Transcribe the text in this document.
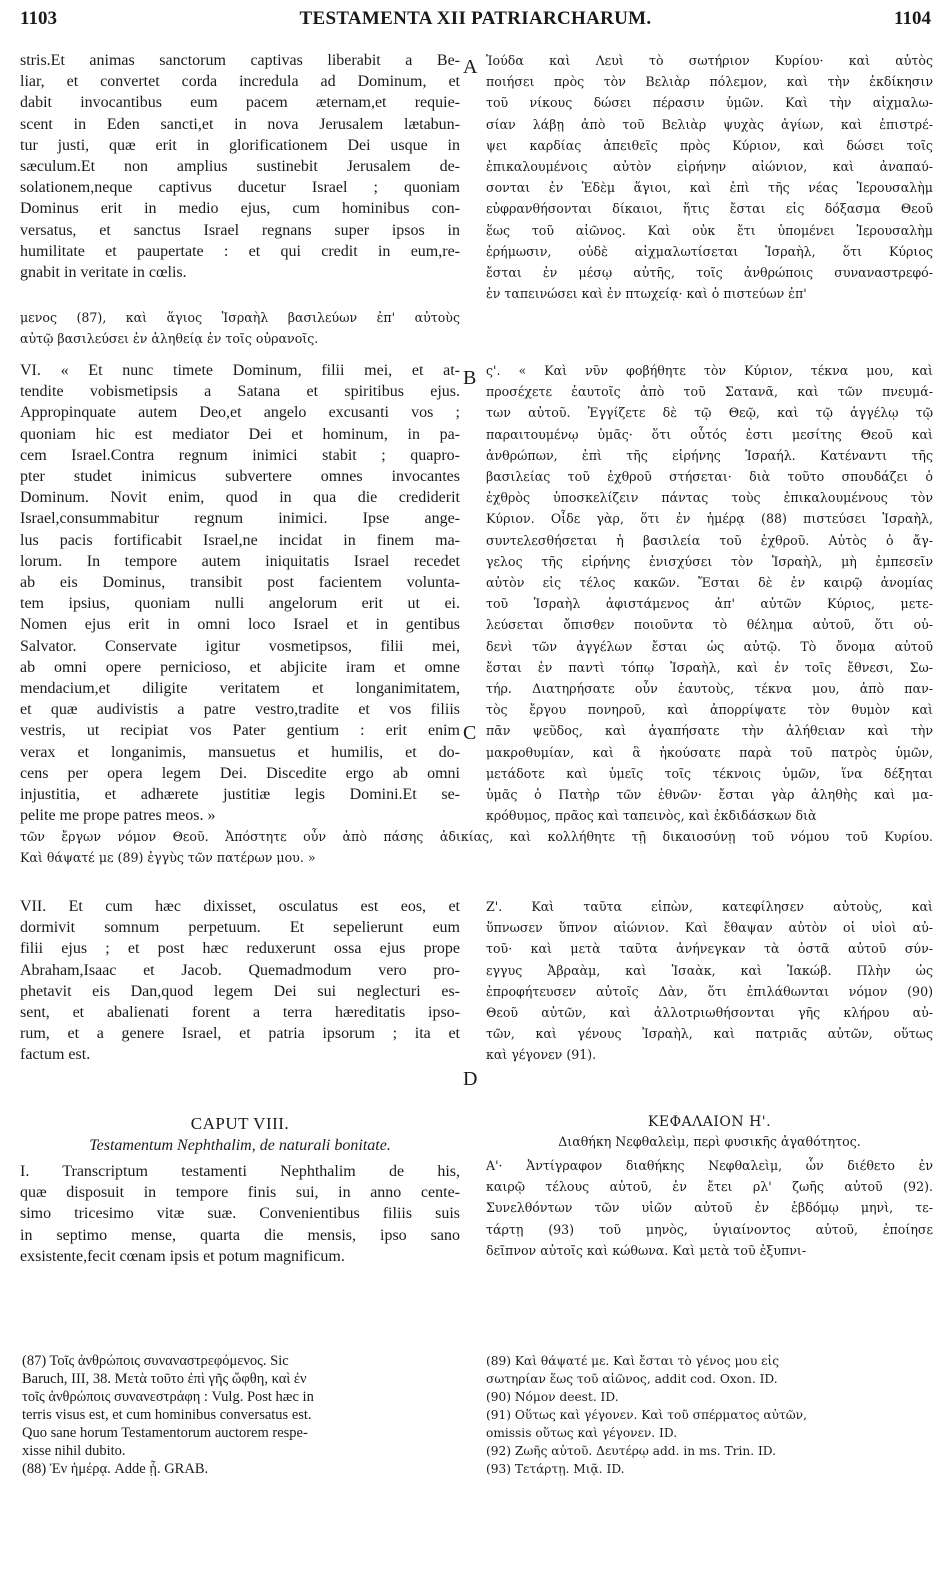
1103	TESTAMENTA XII PATRIARCHARUM.	1104
A
B
C
D
stris.Et animas sanctorum captivas liberabit a Be-
liar, et convertet corda incredula ad Dominum, et
dabit invocantibus eum pacem æternam,et requie-
scent in Eden sancti,et in nova Jerusalem lætabun-
tur justi, quæ erit in glorificationem Dei usque in
sæculum.Et non amplius sustinebit Jerusalem de-
solationem,neque captivus ducetur Israel ; quoniam
Dominus erit in medio ejus, cum hominibus con-
versatus, et sanctus Israel regnans super ipsos in
humilitate et paupertate : et qui credit in eum,re-
gnabit in veritate in cœlis.
μενος (87), καὶ ἅγιος Ἰσραὴλ βασιλεύων ἐπ' αὐτοὺς
αὐτῷ βασιλεύσει ἐν ἀληθείᾳ ἐν τοῖς οὐρανοῖς.
Ἰούδα καὶ Λευὶ τὸ σωτήριον Κυρίου· καὶ αὐτὸς
ποιήσει πρὸς τὸν Βελιὰρ πόλεμον, καὶ τὴν ἐκδίκησιν
τοῦ νίκους δώσει πέρασιν ὑμῶν. Καὶ τὴν αἰχμαλω-
σίαν λάβῃ ἀπὸ τοῦ Βελιὰρ ψυχὰς ἁγίων, καὶ ἐπιστρέ-
ψει καρδίας ἀπειθεῖς πρὸς Κύριον, καὶ δώσει τοῖς
ἐπικαλουμένοις αὐτὸν εἰρήνην αἰώνιον, καὶ ἀναπαύ-
σονται ἐν Ἐδὲμ ἅγιοι, καὶ ἐπὶ τῆς νέας Ἱερουσαλὴμ
εὐφρανθήσονται δίκαιοι, ἥτις ἔσται εἰς δόξασμα Θεοῦ
ἕως τοῦ αἰῶνος. Καὶ οὐκ ἔτι ὑπομένει Ἱερουσαλὴμ
ἐρήμωσιν, οὐδὲ αἰχμαλωτίσεται Ἰσραὴλ, ὅτι Κύριος
ἔσται ἐν μέσῳ αὐτῆς, τοῖς ἀνθρώποις συναναστρεφό-
ἐν ταπεινώσει καὶ ἐν πτωχείᾳ· καὶ ὁ πιστεύων ἐπ'
VI. « Et nunc timete Dominum, filii mei, et at-
tendite vobismetipsis a Satana et spiritibus ejus.
Appropinquate autem Deo,et angelo excusanti vos ;
quoniam hic est mediator Dei et hominum, in pa-
cem Israel.Contra regnum inimici stabit ; quapro-
pter studet inimicus subvertere omnes invocantes
Dominum. Novit enim, quod in qua die crediderit
Israel,consummabitur regnum inimici. Ipse ange-
lus pacis fortificabit Israel,ne incidat in finem ma-
lorum. In tempore autem iniquitatis Israel recedet
ab eis Dominus, transibit post facientem volunta-
tem ipsius, quoniam nulli angelorum erit ut ei.
Nomen ejus erit in omni loco Israel et in gentibus
Salvator. Conservate igitur vosmetipsos, filii mei,
ab omni opere pernicioso, et abjicite iram et omne
mendacium,et diligite veritatem et longanimitatem,
et quæ audivistis a patre vestro,tradite et vos filiis
vestris, ut recipiat vos Pater gentium : erit enim
verax et longanimis, mansuetus et humilis, et do-
cens per opera legem Dei. Discedite ergo ab omni
injustitia, et adhærete justitiæ legis Domini.Et se-
pelite me prope patres meos. »
ς'. « Καὶ νῦν φοβήθητε τὸν Κύριον, τέκνα μου, καὶ
προσέχετε ἑαυτοῖς ἀπὸ τοῦ Σατανᾶ, καὶ τῶν πνευμά-
των αὐτοῦ. Ἐγγίζετε δὲ τῷ Θεῷ, καὶ τῷ ἀγγέλῳ τῷ
παραιτουμένῳ ὑμᾶς· ὅτι οὗτός ἐστι μεσίτης Θεοῦ καὶ
ἀνθρώπων, ἐπὶ τῆς εἰρήνης Ἰσραήλ. Κατέναντι τῆς
βασιλείας τοῦ ἐχθροῦ στήσεται· διὰ τοῦτο σπουδάζει ὁ
ἐχθρὸς ὑποσκελίζειν πάντας τοὺς ἐπικαλουμένους τὸν
Κύριον. Οἶδε γὰρ, ὅτι ἐν ἡμέρᾳ (88) πιστεύσει Ἰσραὴλ,
συντελεσθήσεται ἡ βασιλεία τοῦ ἐχθροῦ. Αὐτὸς ὁ ἄγ-
γελος τῆς εἰρήνης ἐνισχύσει τὸν Ἰσραὴλ, μὴ ἐμπεσεῖν
αὐτὸν εἰς τέλος κακῶν. Ἔσται δὲ ἐν καιρῷ ἀνομίας
τοῦ Ἰσραὴλ ἀφιστάμενος ἀπ' αὐτῶν Κύριος, μετε-
λεύσεται ὄπισθεν ποιοῦντα τὸ θέλημα αὐτοῦ, ὅτι οὐ-
δενὶ τῶν ἀγγέλων ἔσται ὡς αὐτῷ. Τὸ ὄνομα αὐτοῦ
ἔσται ἐν παντὶ τόπῳ Ἰσραὴλ, καὶ ἐν τοῖς ἔθνεσι, Σω-
τήρ. Διατηρήσατε οὖν ἑαυτοὺς, τέκνα μου, ἀπὸ παν-
τὸς ἔργου πονηροῦ, καὶ ἀπορρίψατε τὸν θυμὸν καὶ
πᾶν ψεῦδος, καὶ ἀγαπήσατε τὴν ἀλήθειαν καὶ τὴν
μακροθυμίαν, καὶ ἃ ἠκούσατε παρὰ τοῦ πατρὸς ὑμῶν,
μετάδοτε καὶ ὑμεῖς τοῖς τέκνοις ὑμῶν, ἵνα δέξηται
ὑμᾶς ὁ Πατὴρ τῶν ἐθνῶν· ἔσται γὰρ ἀληθὴς καὶ μα-
κρόθυμος, πρᾶος καὶ ταπεινὸς, καὶ ἐκδιδάσκων διὰ
τῶν ἔργων νόμον Θεοῦ. Ἀπόστητε οὖν ἀπὸ πάσης ἀδικίας, καὶ κολλήθητε τῇ δικαιοσύνῃ τοῦ νόμου τοῦ Κυρίου.
Καὶ θάψατέ με (89) ἐγγὺς τῶν πατέρων μου. »
VII. Et cum hæc dixisset, osculatus est eos, et
dormivit somnum perpetuum. Et sepelierunt eum
filii ejus ; et post hæc reduxerunt ossa ejus prope
Abraham,Isaac et Jacob. Quemadmodum vero pro-
phetavit eis Dan,quod legem Dei sui neglecturi es-
sent, et abalienati forent a terra hæreditatis ipso-
rum, et a genere Israel, et patria ipsorum ; ita et
factum est.
Ζ'. Καὶ ταῦτα εἰπὼν, κατεφίλησεν αὐτοὺς, καὶ
ὕπνωσεν ὕπνον αἰώνιον. Καὶ ἔθαψαν αὐτὸν οἱ υἱοὶ αὐ-
τοῦ· καὶ μετὰ ταῦτα ἀνήνεγκαν τὰ ὀστᾶ αὐτοῦ σύν-
εγγυς Ἀβραὰμ, καὶ Ἰσαὰκ, καὶ Ἰακώβ. Πλὴν ὡς
ἐπροφήτευσεν αὐτοῖς Δὰν, ὅτι ἐπιλάθωνται νόμον (90)
Θεοῦ αὐτῶν, καὶ ἀλλοτριωθήσονται γῆς κλήρου αὐ-
τῶν, καὶ γένους Ἰσραὴλ, καὶ πατριᾶς αὐτῶν, οὕτως
καὶ γέγονεν (91).
CAPUT VIII.
Testamentum Nephthalim, de naturali bonitate.
I. Transcriptum testamenti Nephthalim de his,
quæ disposuit in tempore finis sui, in anno cente-
simo tricesimo vitæ suæ. Convenientibus filiis suis
in septimo mense, quarta die mensis, ipso sano
exsistente,fecit cœnam ipsis et potum magnificum.
ΚΕΦΑΛΑΙΟΝ Η'.
Διαθήκη Νεφθαλεὶμ, περὶ φυσικῆς ἀγαθότητος.
Α'· Ἀντίγραφον διαθήκης Νεφθαλεὶμ, ὧν διέθετο ἐν
καιρῷ τέλους αὐτοῦ, ἐν ἔτει ρλ' ζωῆς αὐτοῦ (92).
Συνελθόντων τῶν υἱῶν αὐτοῦ ἐν ἑβδόμῳ μηνὶ, τε-
τάρτῃ (93) τοῦ μηνὸς, ὑγιαίνοντος αὐτοῦ, ἐποίησε
δεῖπνον αὐτοῖς καὶ κώθωνα. Καὶ μετὰ τοῦ ἐξυπνι-
(87) Τοῖς ἀνθρώποις συναναστρεφόμενος. Sic
Baruch, III, 38. Μετὰ τοῦτο ἐπὶ γῆς ὤφθη, καὶ ἐν
τοῖς ἀνθρώποις συνανεστράφη : Vulg. Post hæc in
terris visus est, et cum hominibus conversatus est.
Quo sane horum Testamentorum auctorem respe-
xisse nihil dubito.
(88) Ἐν ἡμέρᾳ. Adde ᾗ. GRAB.
(89) Καὶ θάψατέ με. Καὶ ἔσται τὸ γένος μου εἰς
σωτηρίαν ἕως τοῦ αἰῶνος, addit cod. Oxon. ID.
(90) Νόμον deest. ID.
(91) Οὕτως καὶ γέγονεν. Καὶ τοῦ σπέρματος αὐτῶν,
omissis οὕτως καὶ γέγονεν. ID.
(92) Ζωῆς αὐτοῦ. Δευτέρῳ add. in ms. Trin. ID.
(93) Τετάρτῃ. Μιᾷ. ID.
